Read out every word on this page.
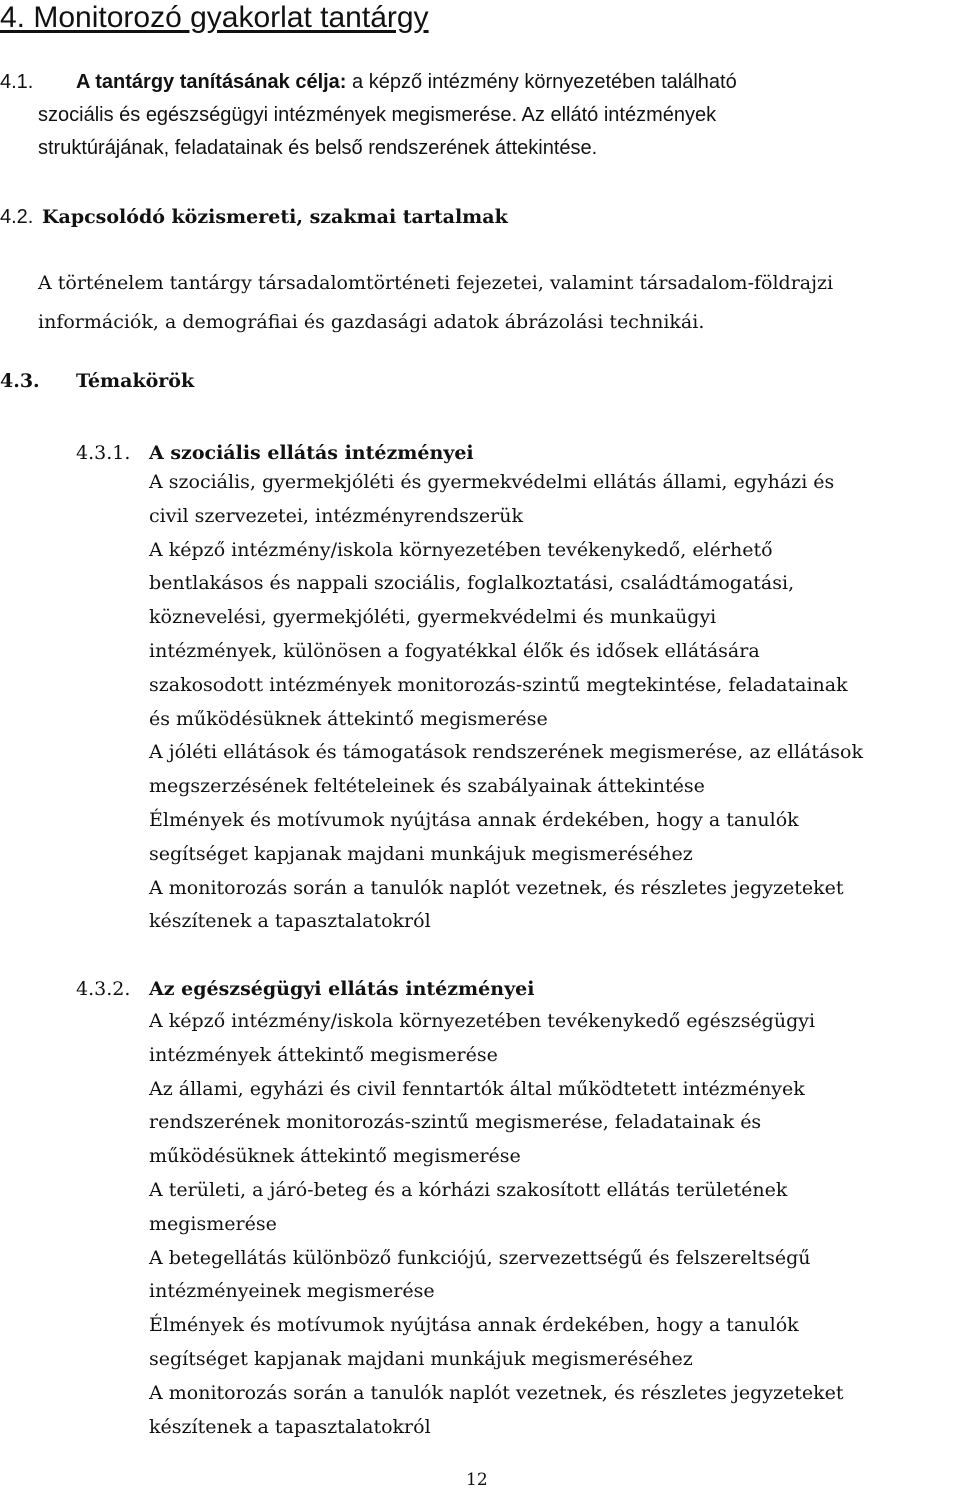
4. Monitorozó gyakorlat tantárgy
4.1. A tantárgy tanításának célja: a képző intézmény környezetében található
szociális és egészségügyi intézmények megismerése. Az ellátó intézmények
struktúrájának, feladatainak és belső rendszerének áttekintése.
4.2. Kapcsolódó közismereti, szakmai tartalmak
A történelem tantárgy társadalomtörténeti fejezetei, valamint társadalom-földrajzi
információk, a demográfiai és gazdasági adatok ábrázolási technikái.
4.3. Témakörök
4.3.1. A szociális ellátás intézményei
A szociális, gyermekjóléti és gyermekvédelmi ellátás állami, egyházi és
civil szervezetei, intézményrendszerük
A képző intézmény/iskola környezetében tevékenykedő, elérhető
bentlakásos és nappali szociális, foglalkoztatási, családtámogatási,
köznevelési, gyermekjóléti, gyermekvédelmi és munkaügyi
intézmények, különösen a fogyatékkal élők és idősek ellátására
szakosodott intézmények monitorozás-szintű megtekintése, feladatainak
és működésüknek áttekintő megismerése
A jóléti ellátások és támogatások rendszerének megismerése, az ellátások
megszerzésének feltételeinek és szabályainak áttekintése
Élmények és motívumok nyújtása annak érdekében, hogy a tanulók
segítséget kapjanak majdani munkájuk megismeréséhez
A monitorozás során a tanulók naplót vezetnek, és részletes jegyzeteket
készítenek a tapasztalatokról
4.3.2. Az egészségügyi ellátás intézményei
A képző intézmény/iskola környezetében tevékenykedő egészségügyi
intézmények áttekintő megismerése
Az állami, egyházi és civil fenntartók által működtetett intézmények
rendszerének monitorozás-szintű megismerése, feladatainak és
működésüknek áttekintő megismerése
A területi, a járó-beteg és a kórházi szakosított ellátás területének
megismerése
A betegellátás különböző funkciójú, szervezettségű és felszereltségű
intézményeinek megismerése
Élmények és motívumok nyújtása annak érdekében, hogy a tanulók
segítséget kapjanak majdani munkájuk megismeréséhez
A monitorozás során a tanulók naplót vezetnek, és részletes jegyzeteket
készítenek a tapasztalatokról
12
